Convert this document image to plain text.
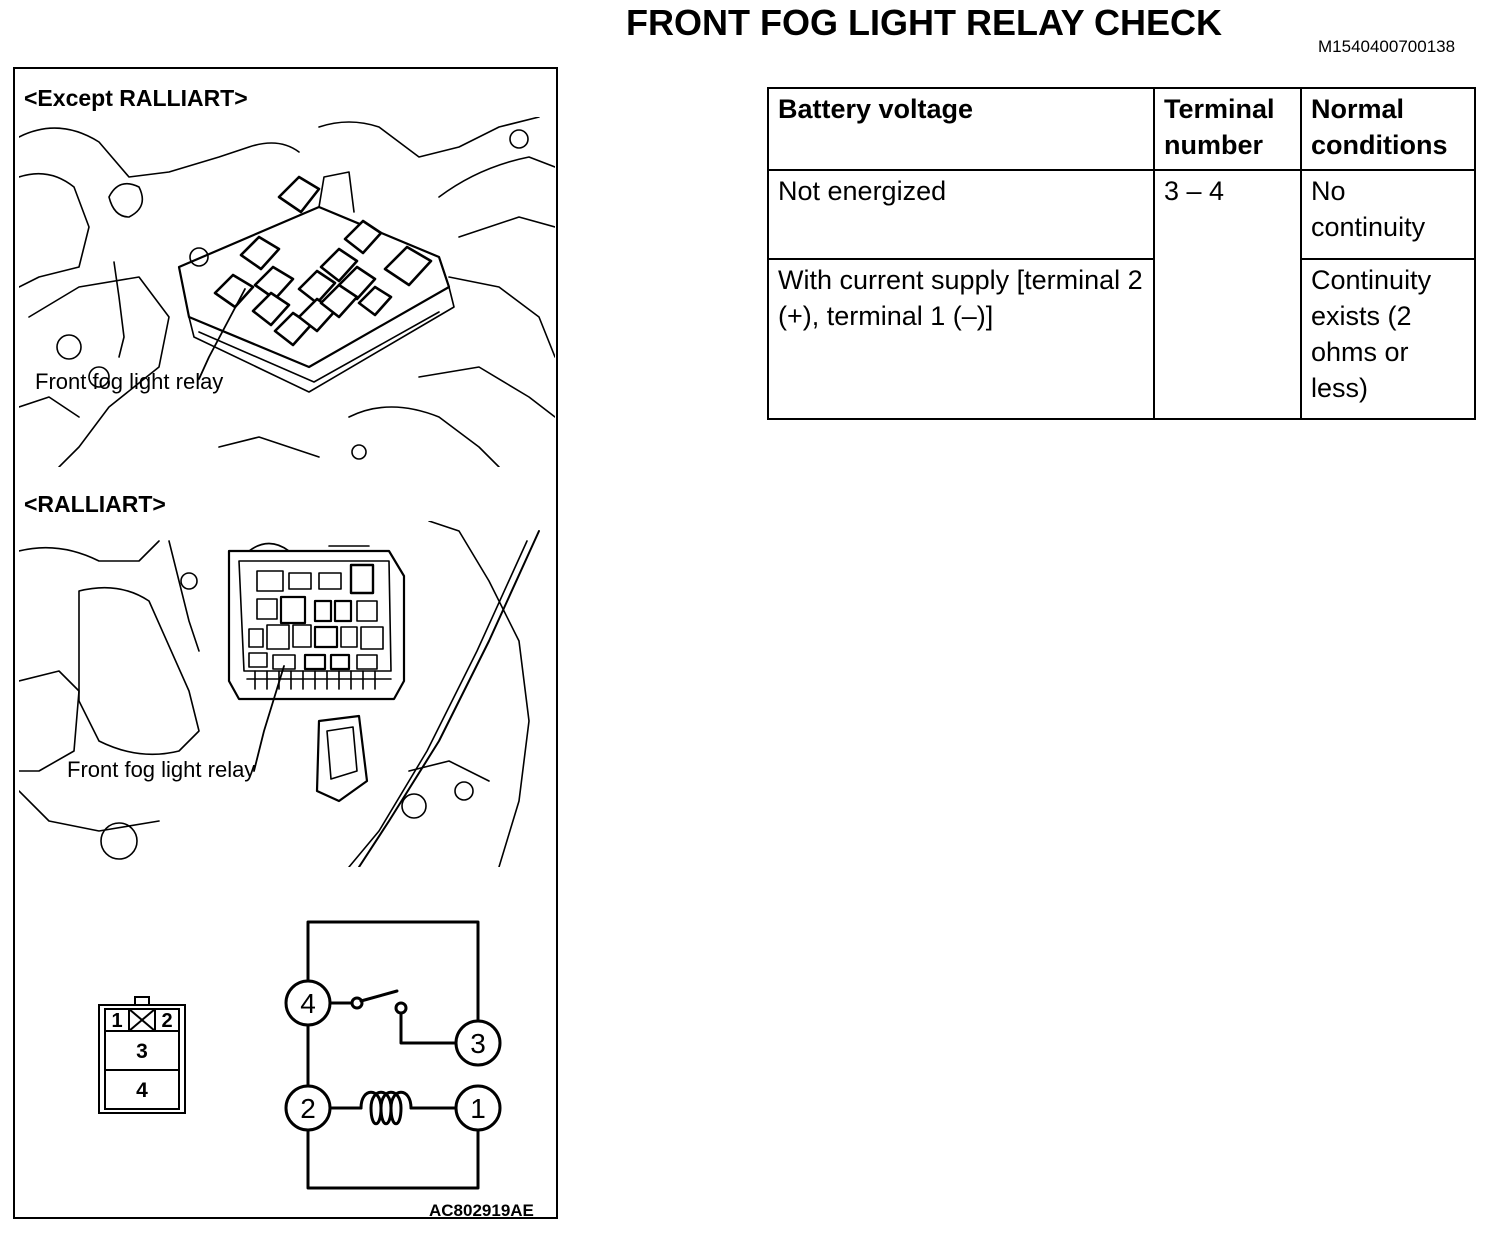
FRONT FOG LIGHT RELAY CHECK
M1540400700138
<Except RALLIART>
Front fog light relay
<RALLIART>
Front fog light relay
1 2
3
4
4
3
2	1
AC802919AE
Battery voltage	Terminal number	Normal conditions
Not energized	3 – 4	No continuity
With current supply [terminal 2 (+), terminal 1 (–)]		Continuity exists (2 ohms or less)
